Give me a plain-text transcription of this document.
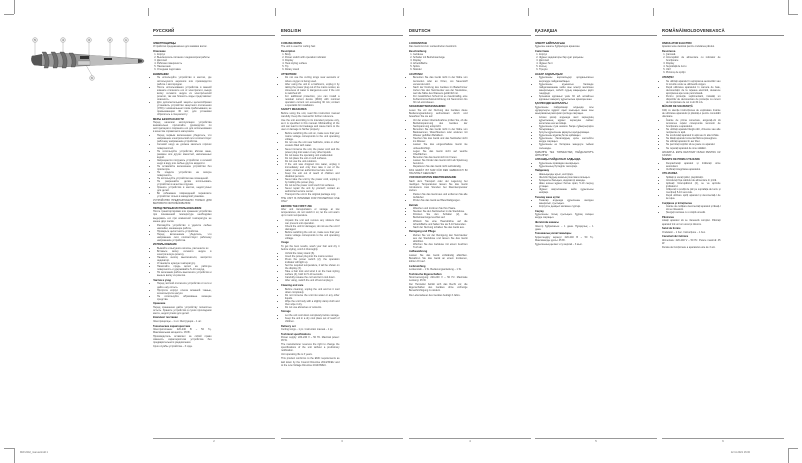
5	4	3	2	1
6
РУССКИЙ
ЭЛЕКТРОЩИПЦЫ

Устройство предназначено для завивки волос.

Описание
1. Корпус
2. Выключатель питания с индикатором работы
3. Дисплей
4. Рабочая поверхность
5. Наконечник
6. Откидная подставка
ВНИМАНИЕ!
• Не используйте устройство в местах, где используются аэрозоли или производится работа с кислородом.
• После использования устройства в ванной комнате отключите его от электросети, вынув вилку сетевого шнура из электрической розетки, так как близость воды представляет опасность.
• Для дополнительной защиты целесообразно установить устройство защитного отключения (УЗО) с номинальным током срабатывания, не превышающим 30 мА; для установки обратитесь к специалисту.
МЕРЫ БЕЗОПАСНОСТИ

Перед началом эксплуатации устройства внимательно прочитайте руководство по эксплуатации и сохраните его для использования в качестве справочного материала.

• Перед первым включением убедитесь, что напряжение электрической сети соответствует рабочему напряжению устройства.
• Сетевой шнур не должен касаться горячих поверхностей.
• Не используйте устройство вблизи ванн, раковин или других ёмкостей, наполненных водой.
• Запрещается погружать устройство и сетевой шнур в воду или любые другие жидкости.
• Не оставляйте включённое устройство без присмотра.
• Не кладите устройство на мягкую поверхность.
• Не используйте устройство вне помещений.
• Не разрешайте детям использовать устройство в качестве игрушки.
• Храните устройство в местах, недоступных для детей.
• Во избежание повреждений перевозите устройство только в заводской упаковке.

УСТРОЙСТВО ПРЕДНАЗНАЧЕНО ТОЛЬКО ДЛЯ БЫТОВОГО ИСПОЛЬЗОВАНИЯ

ПЕРЕД ПЕРВЫМ ИСПОЛЬЗОВАНИЕМ

После транспортировки или хранения устройства при пониженной температуре необходимо выдержать его при комнатной температуре не менее двух часов.

• Распакуйте устройство и удалите любые наклейки, мешающие работе.
• Проверьте целостность устройства.
• Перед включением убедитесь, что напряжение сети соответствует рабочему напряжению устройства.
ИСПОЛЬЗОВАНИЕ
• Вымойте и высушите волосы, расчешите их.
• Вставьте вилку сетевого шнура в электрическую розетку.
• Нажмите кнопку выключателя, загорится индикатор.
• Установите нужную температуру.
• Намотайте прядь волос на рабочую поверхность и удерживайте 5–10 секунд.
• По окончании работы выключите устройство и выньте вилку из розетки.
Чистка и уход
• Перед чисткой отключите устройство от сети и дайте ему остыть.
• Протрите корпус слегка влажной тканью, затем вытрите насухо.
• Не используйте абразивные моющие средства.
Хранение

Перед хранением дайте устройству полностью остыть. Храните устройство в сухом прохладном месте, недоступном для детей.

Комплект поставки

Электрощипцы – 1 шт. Инструкция – 1 шт.

Технические характеристики

Электропитание: 220-240 В ~ 50 Гц. Максимальная мощность: 45 Вт.

Производитель оставляет за собой право изменять характеристики устройства без предварительного уведомления.

Срок службы устройства – 3 года.

2
ENGLISH
CURLING IRONS

The unit is used for curling hair.

Description
1. Body
2. Power switch with operation indicator
3. Display
4. Heat styling surface
5. Tip
6. Rotary stand
ATTENTION!
• Do not use the curling tongs near aerosols or where oxygen is being used.
• After using the unit in a bathroom, unplug it by taking the power plug out of the mains socket, as closeness of water is dangerous even if the unit is switched off.
• For additional protection, you can install a residual current device (RCD) with nominal operation current not exceeding 30 mA; contact a specialist for installation.
SAFETY MEASURES

Before using the unit, read this instruction manual carefully. Keep the manual for further reference.

Use the unit according to its intended purpose only, as it is specified in this manual. Mishandling of the unit can lead to its breakage and cause harm to the user or damage to his/her property.

• Before switching the unit on, make sure that your mains voltage corresponds to the unit operating voltage.
• Do not use the unit near bathtubs, sinks or other vessels filled with water.
• Never immerse the unit, the power cord and the power plug into water or any other liquids.
• Do not leave the operating unit unattended.
• Do not place the unit on soft surfaces.
• Do not use the unit outdoors.
• If the unit was dropped into water, unplug it immediately and only then take it out of the water; contact an authorized service center.
• Keep the unit out of reach of children and disabled persons.
• Never take the unit by the power cord, unplug it by holding the power plug.
• Do not let the power cord touch hot surfaces.
• Never repair the unit by yourself; contact an authorized service center.
• Transport the unit in the original package only.

THE UNIT IS INTENDED FOR HOUSEHOLD USE ONLY

BEFORE THE FIRST USE

After unit transportation or storage at low temperatures, do not switch it on; let the unit warm up to room temperature.

• Unpack the unit and remove any stickers that can prevent unit operation.
• Check the unit for damages; do not use the unit if damaged.
• Before switching the unit on, make sure that your mains voltage corresponds to the unit operating voltage.
Usage

To get the best results, wash your hair and dry it before styling, comb it thoroughly.

• Unfold the rotary stand (6).
• Insert the power plug into the mains socket.
• Press the power switch (2); the operation indicator will light up.
• Set the required temperature, it will be shown on the display (3).
• Take a hair lock and wind it on the heat styling surface (4), hold for 5-10 seconds.
• Carefully release the curl and let it cool down.
• After using, switch the unit off and unplug it.
Cleaning and care
• Before cleaning, unplug the unit and let it cool down completely.
• Do not immerse the unit into water or any other liquids.
• Wipe the unit body with a slightly damp cloth and then wipe it dry.
• Do not use abrasives or solvents.
Storage
• Let the unit cool down completely before storage.
• Keep the unit in a dry cool place out of reach of children.
Delivery set

Curling tongs – 1 pc. Instruction manual – 1 pc.

Technical specifications

Power supply: 220-240 V ~ 50 Hz. Maximal power: 45 W.

The manufacturer reserves the right to change the specifications of the unit without a preliminary notification.

Unit operating life is 3 years.

This product conforms to the EMC requirements as laid down by the Council Directive 2014/30/EU and to the Low Voltage Directive 2014/35/EU.

3
DEUTSCH
LOCKENSTAB

Das Gerät ist zum Lockendrehen bestimmt.

Beschreibung
1. Gehäuse
2. Schalter mit Betriebsanzeige
3. Display
4. Arbeitsfläche
5. Spitze
6. Ständer
ACHTUNG!
• Benutzen Sie das Gerät nicht in der Nähe von Aerosolen oder an Orten, wo Sauerstoff verwendet wird.
• Nach der Nutzung des Gerätes im Badezimmer ziehen Sie den Netzstecker aus der Steckdose, weil die Nähe des Wassers gefährlich ist.
• Für zusätzlichen Schutz ist es zweckmäßig, eine Fehlerstromschutzeinrichtung mit Nennstrom bis 30 mA einzubauen.
SICHERHEITSMASSNAHMEN

Lesen Sie vor der Nutzung des Gerätes diese Bedienungsanleitung aufmerksam durch und bewahren Sie sie auf.

• Vor der ersten Inbetriebnahme prüfen Sie, ob die Betriebsspannung des Gerätes der Netzspannung entspricht.
• Benutzen Sie das Gerät nicht in der Nähe von Badewannen, Waschbecken oder anderen mit Wasser gefüllten Behältern.
• Tauchen Sie das Gerät und das Netzkabel nicht ins Wasser.
• Lassen Sie das eingeschaltete Gerät nie unbeaufsichtigt.
• Legen Sie das Gerät nicht auf weiche Oberflächen.
• Benutzen Sie das Gerät nicht im Freien.
• Lassen Sie Kinder das Gerät nicht als Spielzeug benutzen.
• Reparieren Sie das Gerät nicht selbständig.

DAS GERÄT IST NUR FÜR DEN GEBRAUCH IM HAUSHALT GEEIGNET

VOR DER ERSTEN INBETRIEBNAHME

Nach dem Transport oder der Lagerung bei niedrigen Temperaturen lassen Sie das Gerät mindestens zwei Stunden bei Raumtemperatur stehen.

• Packen Sie das Gerät aus und entfernen Sie alle Aufkleber.
• Prüfen Sie das Gerät auf Beschädigungen.
Betrieb
• Waschen und trocknen Sie Ihre Haare.
• Stecken Sie den Netzstecker in die Steckdose.
• Drücken Sie den Schalter (2), die Betriebsanzeige leuchtet auf.
• Wickeln Sie eine Haarsträhne auf die Arbeitsfläche und halten Sie sie 5-10 Sekunden.
• Nach der Nutzung schalten Sie das Gerät aus.
Reinigung und Pflege
• Ziehen Sie vor der Reinigung den Netzstecker aus der Steckdose und lassen Sie das Gerät abkühlen.
• Wischen Sie das Gehäuse mit einem feuchten Tuch ab.
Aufbewahrung

Lassen Sie das Gerät vollständig abkühlen. Bewahren Sie das Gerät an einem trockenen, kühlen Ort auf.

Lieferumfang

Lockenstab – 1 St. Bedienungsanleitung – 1 St.

Technische Eigenschaften

Stromversorgung: 220-240 V ~ 50 Hz. Maximale Leistung: 45 W.

Der Hersteller behält sich das Recht vor, die Eigenschaften des Gerätes ohne vorherige Benachrichtigung zu ändern.

Die Lebensdauer des Gerätes beträgt 3 Jahre.

4
ҚАЗАҚША
ЭЛЕКТР БҰЙРАЛАҒЫШ

Құрылғы шашты бұйралауға арналған.

Сипаттама
1. Корпус
2. Жұмыс индикаторы бар қуат қосқышы
3. Дисплей
4. Жұмыс беті
5. Ұштық
6. Тіреуіш
НАЗАР АУДАРЫҢЫЗ!
• Құрылғыны аэрозольдер қолданылатын жерлерде пайдаланбаңыз.
• Құрылғыны жуынатын бөлмеде пайдаланғаннан кейін оны электр желісінен ажыратыңыз, себебі судың жақындығы қауіп төндіреді.
• Қосымша қорғаныс үшін 30 мА аспайтын қорғаныс ажырату құрылғысын орнатқан жөн.
ҚАУІПСІЗДІК ШАРАЛАРЫ

Құрылғыны пайдаланар алдында осы нұсқаулықты мұқият оқып шығыңыз және оны анықтамалық материал ретінде сақтаңыз.

• Алғаш қосар алдында желі кернеуінің құрылғының жұмыс кернеуіне сәйкес келетініне көз жеткізіңіз.
• Құрылғыны суға немесе басқа сұйықтықтарға батырмаңыз.
• Қосулы құрылғыны қараусыз қалдырмаңыз.
• Құрылғыны жұмсақ бетке қоймаңыз.
• Құрылғыны балалардың қолы жетпейтін жерде сақтаңыз.
• Құрылғыны өз бетіңізше жөндеуге тыйым салынады.

ҚҰРЫЛҒЫ ТЕК ТҰРМЫСТЫҚ ПАЙДАЛАНУҒА АРНАЛҒАН

АЛҒАШҚЫ ПАЙДАЛАНУ АЛДЫНДА
• Құрылғыны орамадан шығарыңыз.
• Құрылғының бүтіндігін тексеріңіз.
Пайдалану
• Шашыңызды жуып, кептіріңіз.
• Желілік баудың ашасын розеткаға салыңыз.
• Қосқышты басыңыз, индикатор жанады.
• Шаш шоғын жұмыс бетіне орап, 5-10 секунд ұстаңыз.
• Жұмыс аяқталғаннан кейін құрылғыны өшіріңіз.
Тазалау және күтім
• Тазалар алдында құрылғыны желіден ажыратып, суытыңыз.
• Корпусты дымқыл матамен сүртіңіз.
Сақтау

Құрылғыны толық суытыңыз. Құрғақ салқын жерде сақтаңыз.

Жеткізілім жинағы

Электр бұйралағыш – 1 дана. Нұсқаулық – 1 дана.

Техникалық сипаттамалары

Қоректендіру кернеуі: 220-240 В ~ 50 Гц. Максималды қуаты: 45 Вт.

Құрылғының қызмет ету мерзімі – 3 жыл.

5
ROMÂNĂ/MOLDOVENEASCĂ
ONDULATOR ELECTRIC

Aparatul este destinat pentru ondularea părului.

Descrierea
1. Carcasă
2. Întrerupător de alimentare cu indicator de funcționare
3. Display
4. Suprafață de lucru
5. Vârf
6. Picioruș de sprijin
ATENȚIE!
• Nu utilizați aparatul în apropierea aerosolilor sau în locurile unde se utilizează oxigen.
• După utilizarea aparatului în camera de baie, deconectați-l de la rețeaua electrică, deoarece apropierea apei este periculoasă.
• Pentru protecție suplimentară, instalați un dispozitiv de deconectare de protecție cu curent de funcționare de cel mult 30 mA.
MĂSURI DE SIGURANȚĂ

Citiți cu atenție instrucțiunea de exploatare înainte de utilizarea aparatului și păstrați-o pentru consultări ulterioare.

• Înainte de prima conectare, asigurați-vă că tensiunea rețelei corespunde tensiunii de funcționare a aparatului.
• Nu utilizați aparatul lângă căzi, chiuvete sau alte recipiente cu apă.
• Nu scufundați aparatul în apă sau în alte lichide.
• Nu lăsați aparatul conectat fără supraveghere.
• Nu utilizați aparatul în aer liber.
• Nu permiteți copiilor să se joace cu aparatul.
• Nu reparați aparatul de sine stătător.

APARATUL ESTE DESTINAT NUMAI PENTRU UZ CASNIC

ÎNAINTE DE PRIMA UTILIZARE
• Despachetați aparatul și înlăturați orice autocolant.
• Verificați integritatea aparatului.
UTILIZAREA
• Spălați și uscați părul, pieptănați-l.
• Introduceți fișa cablului de alimentare în priză.
• Apăsați întrerupătorul (2), se va aprinde indicatorul.
• Înfășurați o șuviță de păr pe suprafața de lucru și mențineți 5-10 secunde.
• După utilizare opriți aparatul și deconectați-l de la rețea.
Curățarea și întreținerea
• Înainte de curățare deconectați aparatul și lăsați-l să se răcească.
• Ștergeți carcasa cu o cârpă umedă.
Păstrarea

Lăsați aparatul să se răcească complet. Păstrați aparatul într-un loc uscat și răcoros.

Setul de livrare

Ondulator – 1 buc. Instrucțiune – 1 buc.

Caracteristici tehnice

Alimentare: 220-240 V ~ 50 Hz. Putere maximă: 45 W.

Durata de funcționare a aparatului este de 3 ani.

6
MW-2242_manual.indd 1	12.11.2021 16:00
